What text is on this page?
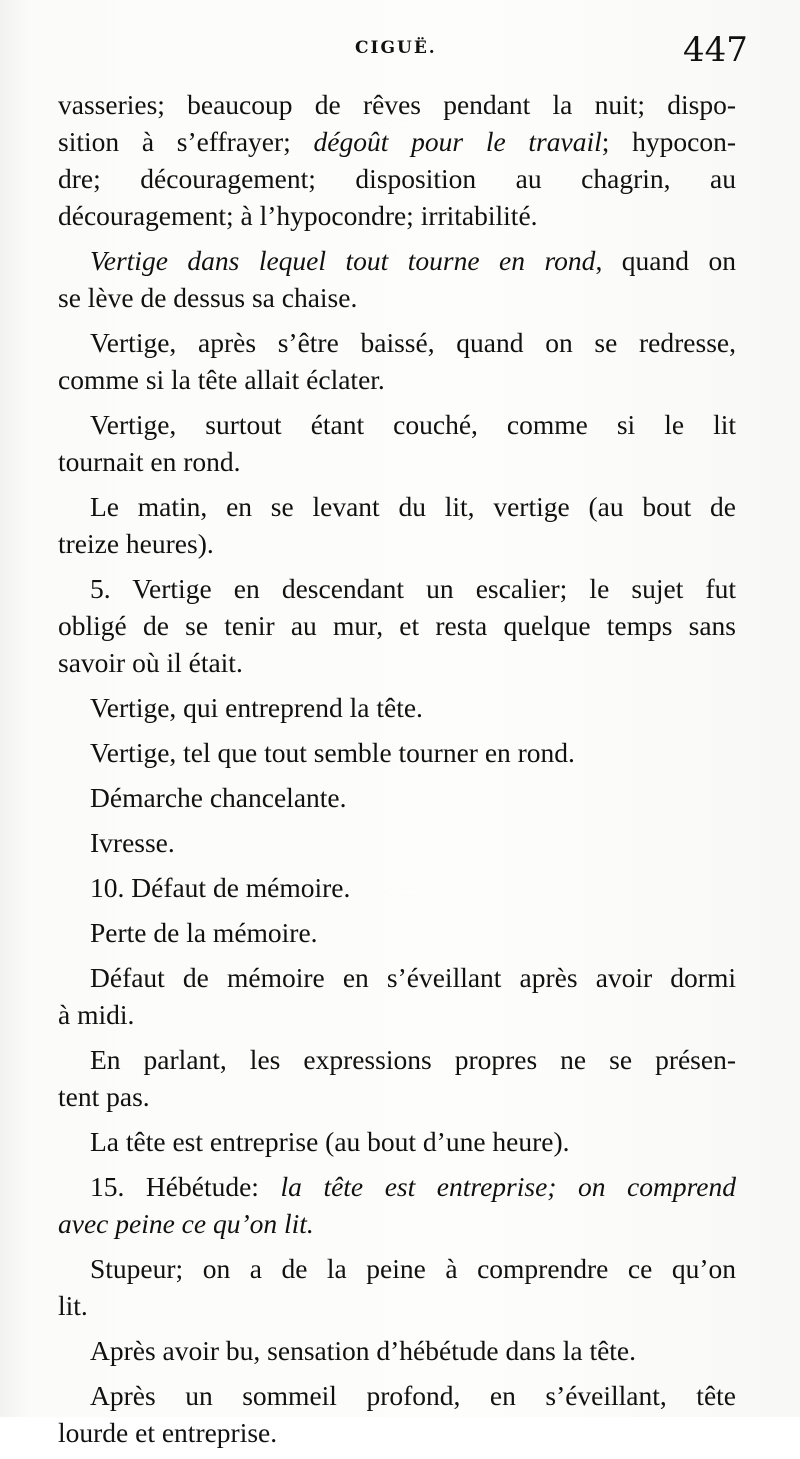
CIGUË.	447
vasseries; beaucoup de rêves pendant la nuit; dispo-
sition à s’effrayer; dégoût pour le travail; hypocon-
dre; découragement; disposition au chagrin, au
découragement; à l’hypocondre; irritabilité.
Vertige dans lequel tout tourne en rond, quand on
se lève de dessus sa chaise.
Vertige, après s’être baissé, quand on se redresse,
comme si la tête allait éclater.
Vertige, surtout étant couché, comme si le lit
tournait en rond.
Le matin, en se levant du lit, vertige (au bout de
treize heures).
5. Vertige en descendant un escalier; le sujet fut
obligé de se tenir au mur, et resta quelque temps sans
savoir où il était.
Vertige, qui entreprend la tête.
Vertige, tel que tout semble tourner en rond.
Démarche chancelante.
Ivresse.
10. Défaut de mémoire.
Perte de la mémoire.
Défaut de mémoire en s’éveillant après avoir dormi
à midi.
En parlant, les expressions propres ne se présen-
tent pas.
La tête est entreprise (au bout d’une heure).
15. Hébétude: la tête est entreprise; on comprend
avec peine ce qu’on lit.
Stupeur; on a de la peine à comprendre ce qu’on
lit.
Après avoir bu, sensation d’hébétude dans la tête.
Après un sommeil profond, en s’éveillant, tête
lourde et entreprise.
